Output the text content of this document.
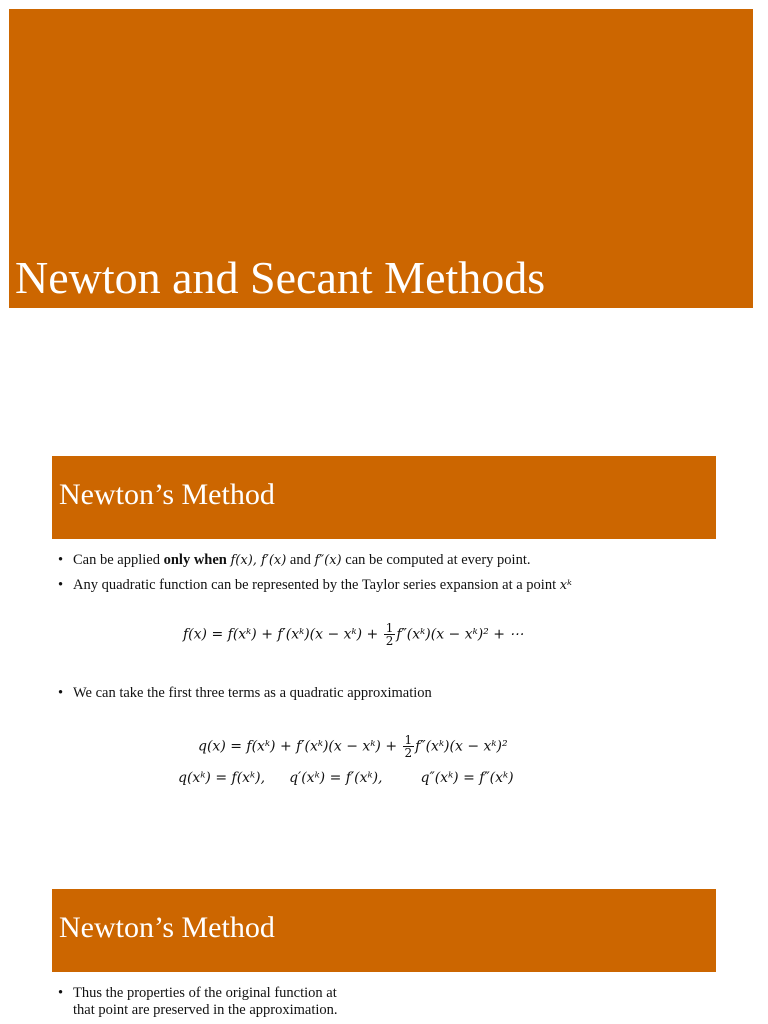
Newton and Secant Methods
Newton’s Method
• Can be applied only when f(x), f′(x) and f″(x) can be computed at every point.
• Any quadratic function can be represented by the Taylor series expansion at a point xᵏ
f(x) = f(xᵏ) + f′(xᵏ)(x − xᵏ) + $\frac{1}{2}$ f″(xᵏ)(x − xᵏ)² + ⋯
• We can take the first three terms as a quadratic approximation
q(x) = f(xᵏ) + f′(xᵏ)(x − xᵏ) + $\frac{1}{2}$ f″(xᵏ)(x − xᵏ)²
q(xᵏ) = f(xᵏ), q′(xᵏ) = f′(xᵏ),	q″(xᵏ) = f″(xᵏ)
Newton’s Method
• Thus the properties of the original function at
that point are preserved in the approximation.
